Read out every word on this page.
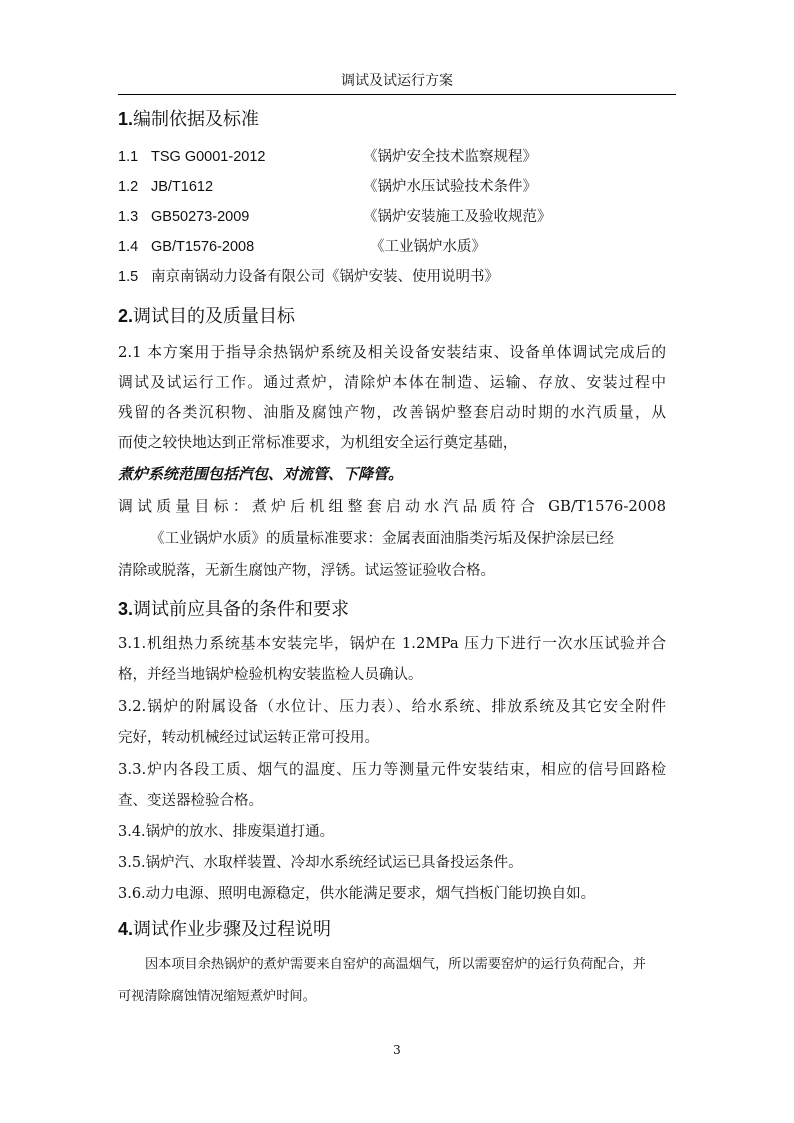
调试及试运行方案
1.编制依据及标准
1.1 TSG G0001-2012	《锅炉安全技术监察规程》
1.2 JB/T1612	《锅炉水压试验技术条件》
1.3 GB50273-2009	《锅炉安装施工及验收规范》
1.4 GB/T1576-2008	《工业锅炉水质》
1.5 南京南锅动力设备有限公司《锅炉安装、使用说明书》
2.调试目的及质量目标
2.1 本方案用于指导余热锅炉系统及相关设备安装结束、设备单体调试完成后的
调试及试运行工作。通过煮炉，清除炉本体在制造、运输、存放、安装过程中
残留的各类沉积物、油脂及腐蚀产物，改善锅炉整套启动时期的水汽质量，从
而使之较快地达到正常标准要求，为机组安全运行奠定基础，
煮炉系统范围包括汽包、对流管、下降管。
调试质量目标：煮炉后机组整套启动水汽品质符合 GB/T1576-2008
《工业锅炉水质》的质量标准要求：金属表面油脂类污垢及保护涂层已经
清除或脱落，无新生腐蚀产物，浮锈。试运签证验收合格。
3.调试前应具备的条件和要求
3.1.机组热力系统基本安装完毕，锅炉在 1.2MPa 压力下进行一次水压试验并合
格，并经当地锅炉检验机构安装监检人员确认。
3.2.锅炉的附属设备（水位计、压力表）、给水系统、排放系统及其它安全附件
完好，转动机械经过试运转正常可投用。
3.3.炉内各段工质、烟气的温度、压力等测量元件安装结束，相应的信号回路检
查、变送器检验合格。
3.4.锅炉的放水、排废渠道打通。
3.5.锅炉汽、水取样装置、冷却水系统经试运已具备投运条件。
3.6.动力电源、照明电源稳定，供水能满足要求，烟气挡板门能切换自如。
4.调试作业步骤及过程说明
因本项目余热锅炉的煮炉需要来自窑炉的高温烟气，所以需要窑炉的运行负荷配合，并
可视清除腐蚀情况缩短煮炉时间。
3
